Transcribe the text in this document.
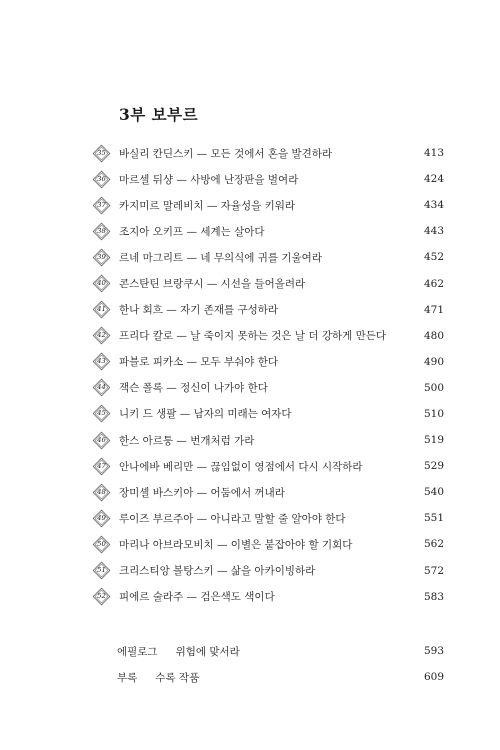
3부 보부르
35	바실리 칸딘스키 — 모든 것에서 혼을 발견하라	413
36	마르셀 뒤샹 — 사방에 난장판을 벌여라	424
37	카지미르 말레비치 — 자율성을 키워라	434
38	조지아 오키프 — 세계는 살아다	443
39	르네 마그리트 — 네 무의식에 귀를 기울여라	452
40	콘스탄틴 브랑쿠시 — 시선을 들어올려라	462
41	한나 회흐 — 자기 존재를 구성하라	471
42	프리다 칼로 — 날 죽이지 못하는 것은 날 더 강하게 만든다	480
43	파블로 피카소 — 모두 부숴야 한다	490
44	잭슨 폴록 — 정신이 나가야 한다	500
45	니키 드 생팔 — 남자의 미래는 여자다	510
46	한스 아르퉁 — 번개처럼 가라	519
47	안나에바 베리만 — 끊임없이 영점에서 다시 시작하라	529
48	장미셸 바스키아 — 어둠에서 꺼내라	540
49	루이즈 부르주아 — 아니라고 말할 줄 알아야 한다	551
50	마리나 아브라모비치 — 이별은 붙잡아야 할 기회다	562
51	크리스티앙 볼탕스키 — 삶을 아카이빙하라	572
52	피에르 술라주 — 검은색도 색이다	583
에필로그 위험에 맞서라	593
부록 수록 작품	609
